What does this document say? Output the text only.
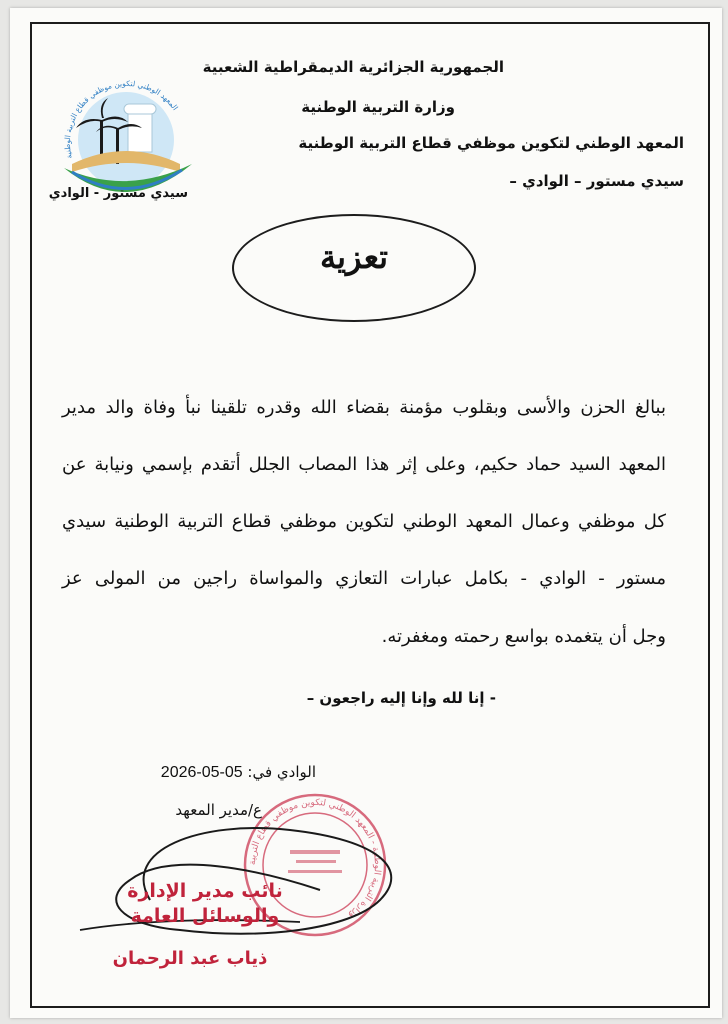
الجمهورية الجزائرية الديمقراطية الشعبية
وزارة التربية الوطنية
المعهد الوطني لتكوين موظفي قطاع التربية الوطنية
سيدي مستور – الوادي –
المعهد الوطني لتكوين موظفي قطاع التربية الوطنية
سيدي مستور - الوادي
تعزية
ببالغ الحزن والأسى وبقلوب مؤمنة بقضاء الله وقدره تلقينا نبأ وفاة والد مدير
المعهد السيد حماد حكيم، وعلى إثر هذا المصاب الجلل أتقدم بإسمي ونيابة عن
كل موظفي وعمال المعهد الوطني لتكوين موظفي قطاع التربية الوطنية سيدي
مستور - الوادي - بكامل عبارات التعازي والمواساة راجين من المولى عز
وجل أن يتغمده بواسع رحمته ومغفرته.
- إنا لله وإنا إليه راجعون –
الوادي في: 2026-05-05
ع/مدير المعهد
وزارة التربية الوطنية - المعهد الوطني لتكوين موظفي قطاع التربية
نائب مدير الإدارة
والوسائل العامة
ذياب عبد الرحمان
